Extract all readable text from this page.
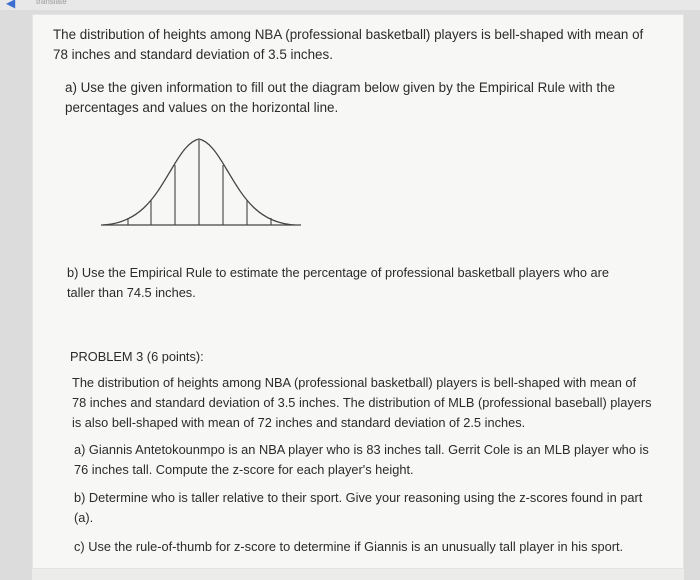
◀	translate

The distribution of heights among NBA (professional basketball) players is bell-shaped with mean of 78 inches and standard deviation of 3.5 inches.

a) Use the given information to fill out the diagram below given by the Empirical Rule with the percentages and values on the horizontal line.

b) Use the Empirical Rule to estimate the percentage of professional basketball players who are taller than 74.5 inches.

PROBLEM 3 (6 points):

The distribution of heights among NBA (professional basketball) players is bell-shaped with mean of 78 inches and standard deviation of 3.5 inches. The distribution of MLB (professional baseball) players is also bell-shaped with mean of 72 inches and standard deviation of 2.5 inches.

a) Giannis Antetokounmpo is an NBA player who is 83 inches tall. Gerrit Cole is an MLB player who is 76 inches tall. Compute the z-score for each player's height.

b) Determine who is taller relative to their sport. Give your reasoning using the z-scores found in part (a).

c) Use the rule-of-thumb for z-score to determine if Giannis is an unusually tall player in his sport.
